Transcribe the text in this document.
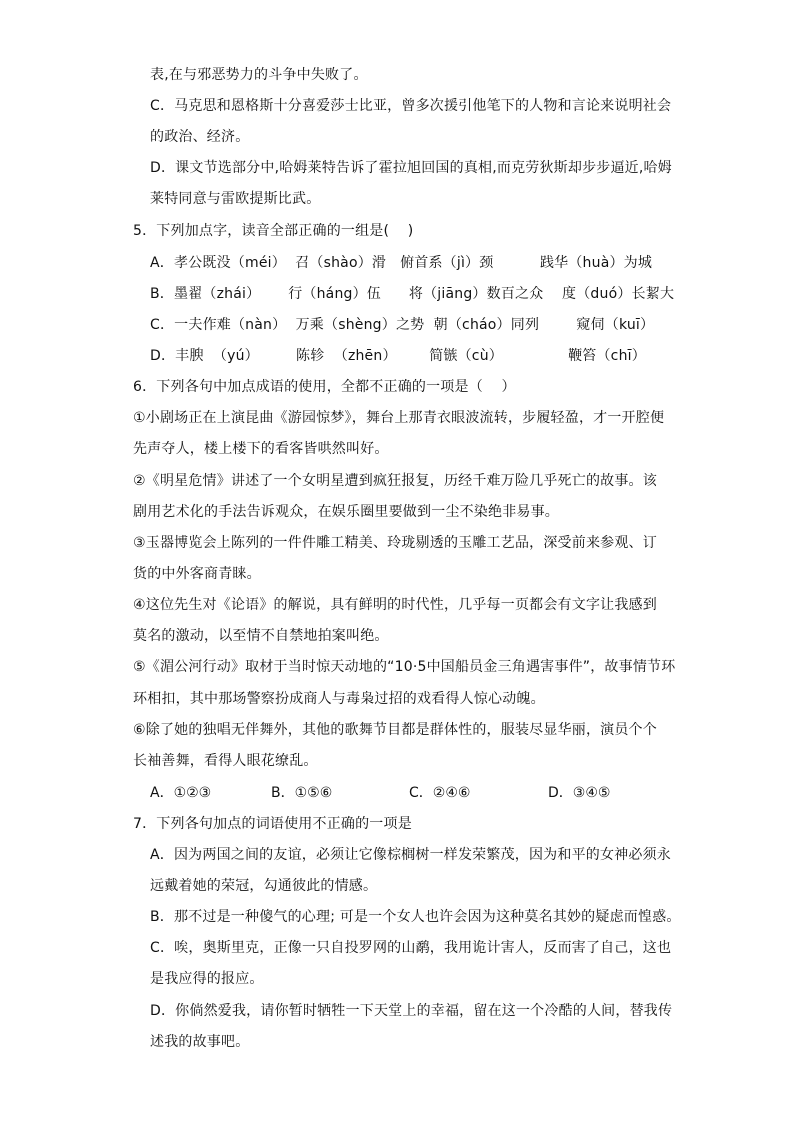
表,在与邪恶势力的斗争中失败了。
C．马克思和恩格斯十分喜爱莎士比亚，曾多次援引他笔下的人物和言论来说明社会
的政治、经济。
D．课文节选部分中,哈姆莱特告诉了霍拉旭回国的真相,而克劳狄斯却步步逼近,哈姆
莱特同意与雷欧提斯比武。
5．下列加点字，读音全部正确的一组是(    )
A．孝公既没（méi）  召（shào）滑   俯首系（jì）颈          践华（huà）为城
B．墨翟（zhái）      行（háng）伍      将（jiāng）数百之众    度（duó）长絜大
C．一夫作难（nàn）  万乘（shèng）之势  朝（cháo）同列        窥伺（kuī）
D．丰腴  （yú）        陈轸  （zhēn）       简镞（cù）              鞭笞（chī）
6．下列各句中加点成语的使用，全都不正确的一项是（    ）
①小剧场正在上演昆曲《游园惊梦》，舞台上那青衣眼波流转，步履轻盈，才一开腔便
先声夺人，楼上楼下的看客皆哄然叫好。
②《明星危情》讲述了一个女明星遭到疯狂报复，历经千难万险几乎死亡的故事。该
剧用艺术化的手法告诉观众，在娱乐圈里要做到一尘不染绝非易事。
③玉器博览会上陈列的一件件雕工精美、玲珑剔透的玉雕工艺品，深受前来参观、订
货的中外客商青睐。
④这位先生对《论语》的解说，具有鲜明的时代性，几乎每一页都会有文字让我感到
莫名的激动，以至情不自禁地拍案叫绝。
⑤《湄公河行动》取材于当时惊天动地的“10·5中国船员金三角遇害事件”，故事情节环
环相扣，其中那场警察扮成商人与毒枭过招的戏看得人惊心动魄。
⑥除了她的独唱无伴舞外，其他的歌舞节目都是群体性的，服装尽显华丽，演员个个
长袖善舞，看得人眼花缭乱。
A．①②③	B．①⑤⑥	C．②④⑥	D．③④⑤
7．下列各句加点的词语使用不正确的一项是
A．因为两国之间的友谊，必须让它像棕榈树一样发荣繁茂，因为和平的女神必须永
远戴着她的荣冠，勾通彼此的情感。
B．那不过是一种傻气的心理; 可是一个女人也许会因为这种莫名其妙的疑虑而惶惑。
C．唉，奥斯里克，正像一只自投罗网的山鹬，我用诡计害人，反而害了自己，这也
是我应得的报应。
D．你倘然爱我，请你暂时牺牲一下天堂上的幸福，留在这一个冷酷的人间，替我传
述我的故事吧。
